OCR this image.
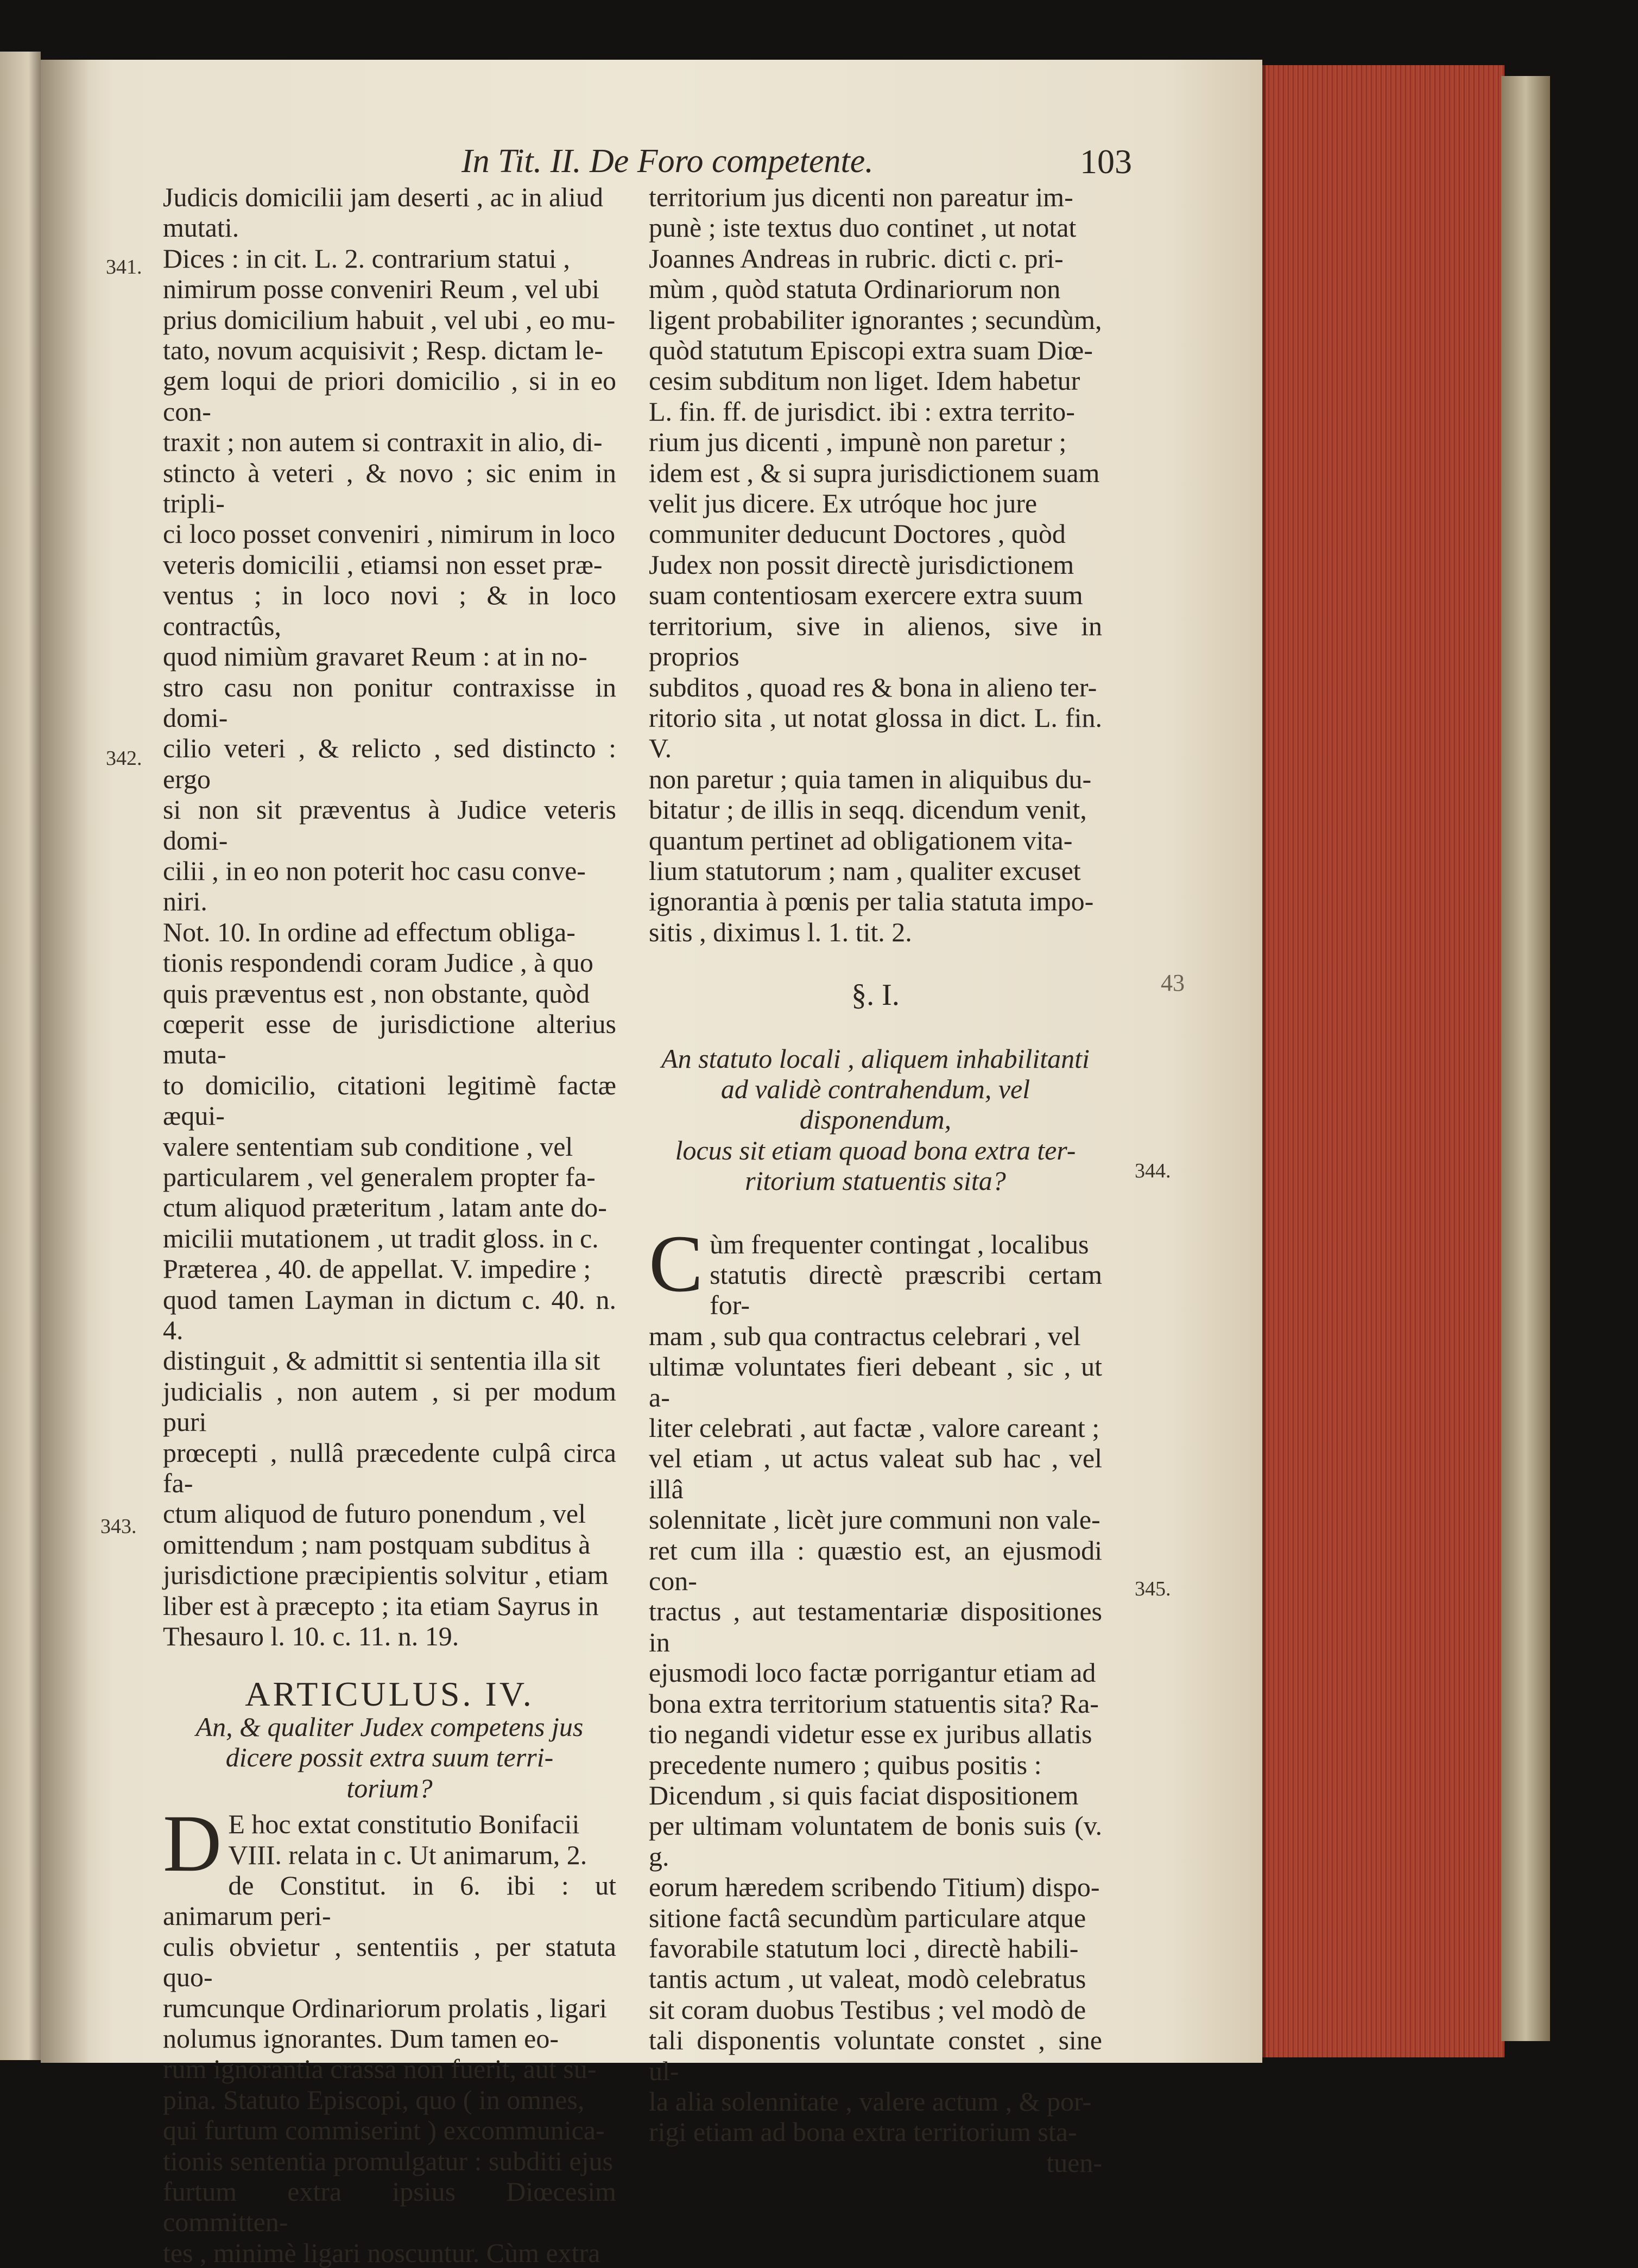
In Tit. II. De Foro competente.	103
341.
342.
343.
344.
345.
43

Judicis domicilii jam deserti , ac in aliud
mutati.

Dices : in cit. L. 2. contrarium statui ,
nimirum posse conveniri Reum , vel ubi
prius domicilium habuit , vel ubi , eo mu-
tato, novum acquisivit ; Resp. dictam le-
gem loqui de priori domicilio , si in eo con-
traxit ; non autem si contraxit in alio, di-
stincto à veteri , & novo ; sic enim in tripli-
ci loco posset conveniri , nimirum in loco
veteris domicilii , etiamsi non esset præ-
ventus ; in loco novi ; & in loco contractûs,
quod nimiùm gravaret Reum : at in no-
stro casu non ponitur contraxisse in domi-
cilio veteri , & relicto , sed distincto : ergo
si non sit præventus à Judice veteris domi-
cilii , in eo non poterit hoc casu conve-
niri.

Not. 10. In ordine ad effectum obliga-
tionis respondendi coram Judice , à quo
quis præventus est , non obstante, quòd
cœperit esse de jurisdictione alterius muta-
to domicilio, citationi legitimè factæ æqui-
valere sententiam sub conditione , vel
particularem , vel generalem propter fa-
ctum aliquod præteritum , latam ante do-
micilii mutationem , ut tradit gloss. in c.
Præterea , 40. de appellat. V. impedire ;
quod tamen Layman in dictum c. 40. n. 4.
distinguit , & admittit si sententia illa sit
judicialis , non autem , si per modum puri
prœcepti , nullâ præcedente culpâ circa fa-
ctum aliquod de futuro ponendum , vel
omittendum ; nam postquam subditus à
jurisdictione præcipientis solvitur , etiam
liber est à præcepto ; ita etiam Sayrus in
Thesauro l. 10. c. 11. n. 19.

ARTICULUS. IV.

An, & qualiter Judex competens jus
dicere possit extra suum terri-
torium?

D E hoc extat constitutio Bonifacii
VIII. relata in c. Ut animarum, 2.
de Constitut. in 6. ibi : ut animarum peri-
culis obvietur , sententiis , per statuta quo-
rumcunque Ordinariorum prolatis , ligari
nolumus ignorantes. Dum tamen eo-
rum ignorantia crassa non fuerit, aut su-
pina. Statuto Episcopi, quo ( in omnes,
qui furtum commiserint ) excommunica-
tionis sententia promulgatur : subditi ejus
furtum extra ipsius Diœcesim committen-
tes , minimè ligari noscuntur. Cùm extra

territorium jus dicenti non pareatur im-
punè ; iste textus duo continet , ut notat
Joannes Andreas in rubric. dicti c. pri-
mùm , quòd statuta Ordinariorum non
ligent probabiliter ignorantes ; secundùm,
quòd statutum Episcopi extra suam Diœ-
cesim subditum non liget. Idem habetur
L. fin. ff. de jurisdict. ibi : extra territo-
rium jus dicenti , impunè non paretur ;
idem est , & si supra jurisdictionem suam
velit jus dicere. Ex utróque hoc jure
communiter deducunt Doctores , quòd
Judex non possit directè jurisdictionem
suam contentiosam exercere extra suum
territorium, sive in alienos, sive in proprios
subditos , quoad res & bona in alieno ter-
ritorio sita , ut notat glossa in dict. L. fin. V.
non paretur ; quia tamen in aliquibus du-
bitatur ; de illis in seqq. dicendum venit,
quantum pertinet ad obligationem vita-
lium statutorum ; nam , qualiter excuset
ignorantia à pœnis per talia statuta impo-
sitis , diximus l. 1. tit. 2.

§. I.

An statuto locali , aliquem inhabilitanti
ad validè contrahendum, vel disponendum,
locus sit etiam quoad bona extra ter-
ritorium statuentis sita?

Cùm frequenter contingat , localibus
statutis directè præscribi certam for-
mam , sub qua contractus celebrari , vel
ultimæ voluntates fieri debeant , sic , ut a-
liter celebrati , aut factæ , valore careant ;
vel etiam , ut actus valeat sub hac , vel illâ
solennitate , licèt jure communi non vale-
ret cum illa : quæstio est, an ejusmodi con-
tractus , aut testamentariæ dispositiones in
ejusmodi loco factæ porrigantur etiam ad
bona extra territorium statuentis sita? Ra-
tio negandi videtur esse ex juribus allatis
precedente numero ; quibus positis :

Dicendum , si quis faciat dispositionem
per ultimam voluntatem de bonis suis (v. g.
eorum hæredem scribendo Titium) dispo-
sitione factâ secundùm particulare atque
favorabile statutum loci , directè habili-
tantis actum , ut valeat, modò celebratus
sit coram duobus Testibus ; vel modò de
tali disponentis voluntate constet , sine ul-
la alia solennitate , valere actum , & por-
rigi etiam ad bona extra territorium sta-

tuen-
